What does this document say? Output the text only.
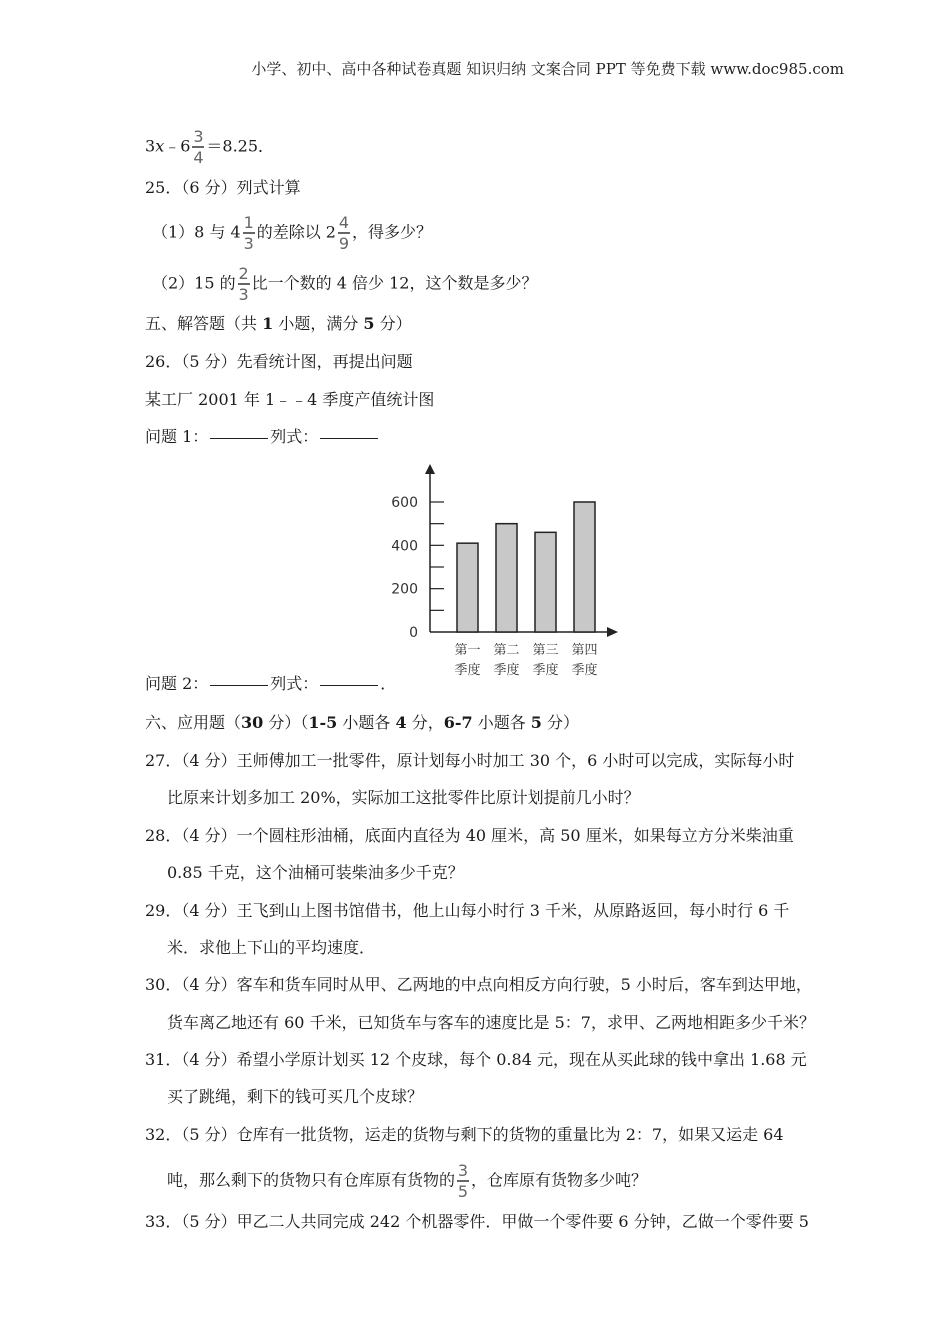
小学、初中、高中各种试卷真题 知识归纳 文案合同 PPT 等免费下载 www.doc985.com
3x﹣6 $\frac{3}{4} =8.25$．
25．（6 分）列式计算
（1）8 与 $4 \frac{1}{3}$ 的差除以 $2 \frac{4}{9}$ ，得多少？
（2）15 的 $\frac{2}{3}$ 比一个数的 4 倍少 12，这个数是多少？
五、解答题（共 1 小题，满分 5 分）
26．（5 分）先看统计图，再提出问题
某工厂 2001 年 1﹣﹣4 季度产值统计图
问题 1：	列式：
600
400
200
0
第一
季度
第二
季度
第三
季度
第四
季度
问题 2：	列式：	．
六、应用题（30 分）（1-5 小题各 4 分，6-7 小题各 5 分）
27．（4 分）王师傅加工一批零件，原计划每小时加工 30 个，6 小时可以完成，实际每小时
比原来计划多加工 20%，实际加工这批零件比原计划提前几小时？
28．（4 分）一个圆柱形油桶，底面内直径为 40 厘米，高 50 厘米，如果每立方分米柴油重
0.85 千克，这个油桶可装柴油多少千克？
29．（4 分）王飞到山上图书馆借书，他上山每小时行 3 千米，从原路返回，每小时行 6 千
米．求他上下山的平均速度．
30．（4 分）客车和货车同时从甲、乙两地的中点向相反方向行驶，5 小时后，客车到达甲地，
货车离乙地还有 60 千米，已知货车与客车的速度比是 5：7，求甲、乙两地相距多少千米？
31．（4 分）希望小学原计划买 12 个皮球，每个 0.84 元，现在从买此球的钱中拿出 1.68 元
买了跳绳，剩下的钱可买几个皮球？
32．（5 分）仓库有一批货物，运走的货物与剩下的货物的重量比为 2：7，如果又运走 64
吨，那么剩下的货物只有仓库原有货物的 $\frac{3}{5}$ ，仓库原有货物多少吨？
33．（5 分）甲乙二人共同完成 242 个机器零件．甲做一个零件要 6 分钟，乙做一个零件要 5
